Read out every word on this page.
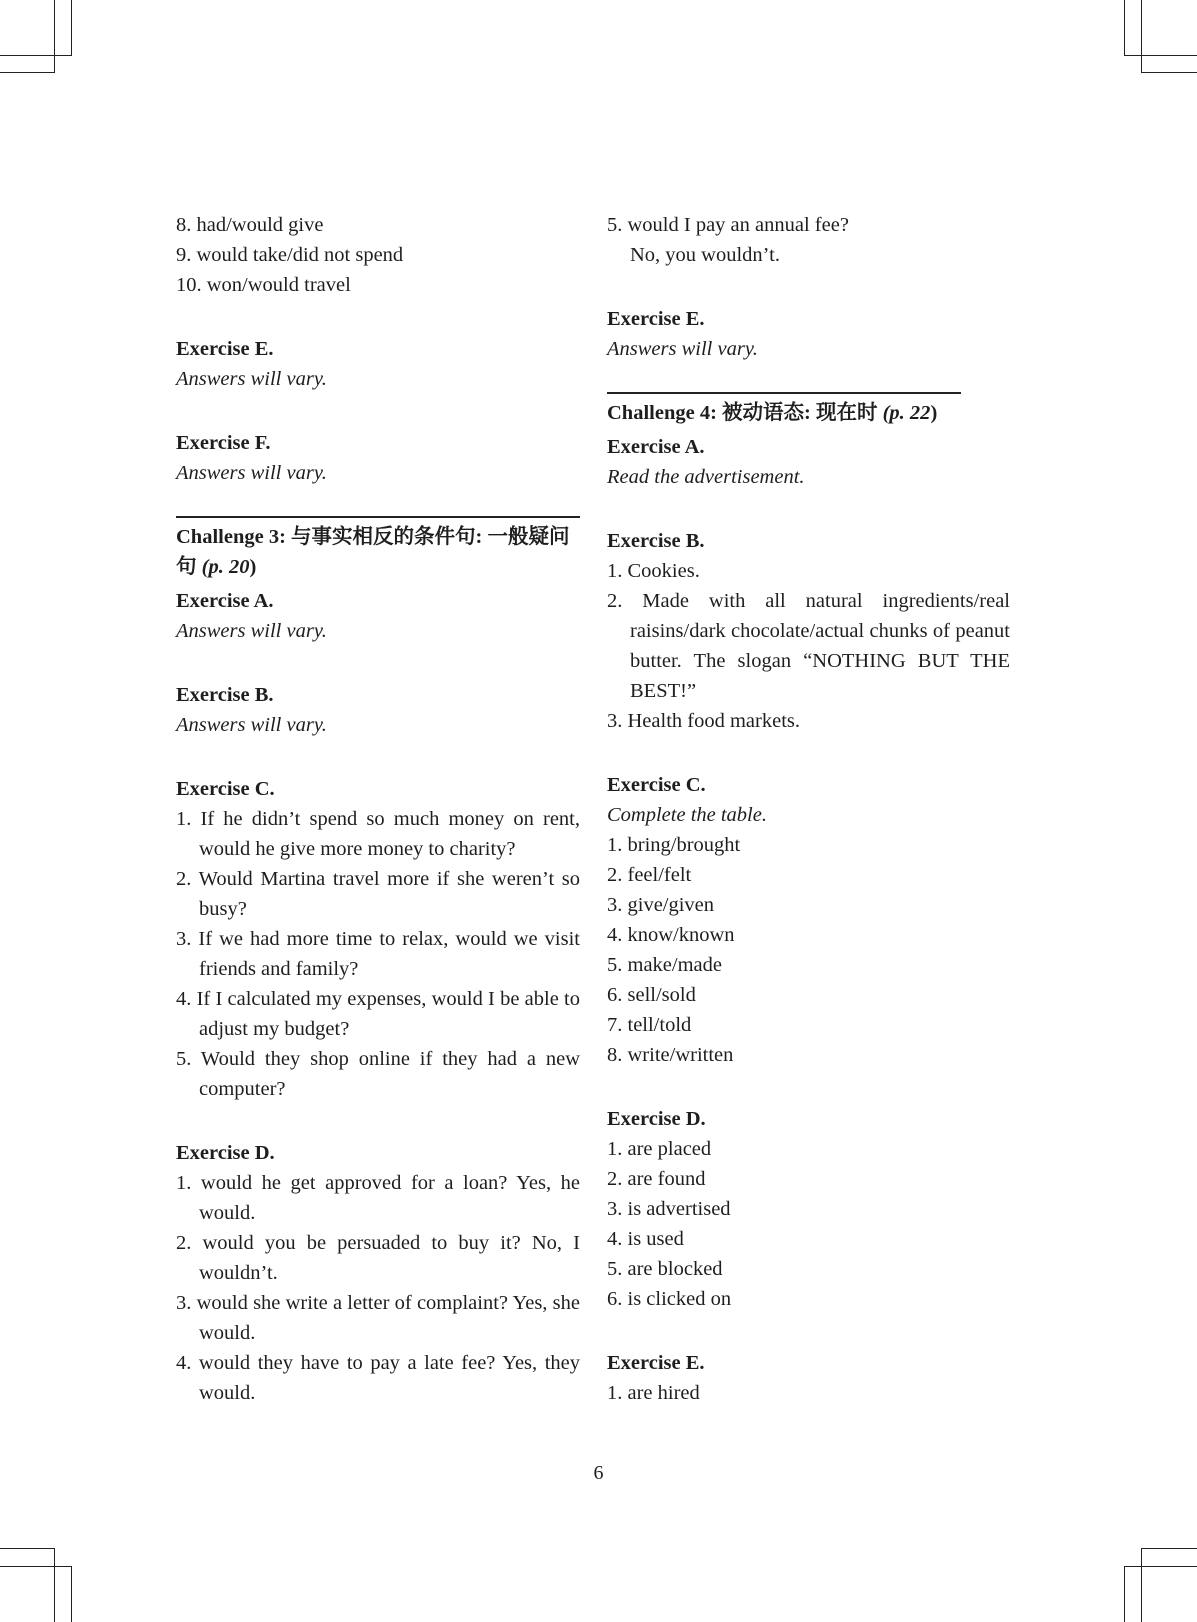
8. had/would give
9. would take/did not spend
10. won/would travel
Exercise E.
Answers will vary.
Exercise F.
Answers will vary.
Challenge 3: 与事实相反的条件句: 一般疑问句 (p. 20)
Exercise A.
Answers will vary.
Exercise B.
Answers will vary.
Exercise C.
1. If he didn’t spend so much money on rent, would he give more money to charity?
2. Would Martina travel more if she weren’t so busy?
3. If we had more time to relax, would we visit friends and family?
4. If I calculated my expenses, would I be able to adjust my budget?
5. Would they shop online if they had a new computer?
Exercise D.
1. would he get approved for a loan? Yes, he would.
2. would you be persuaded to buy it? No, I wouldn’t.
3. would she write a letter of complaint? Yes, she would.
4. would they have to pay a late fee? Yes, they would.
5. would I pay an annual fee?
No, you wouldn’t.
Exercise E.
Answers will vary.
Challenge 4: 被动语态: 现在时 (p. 22)
Exercise A.
Read the advertisement.
Exercise B.
1. Cookies.
2. Made with all natural ingredients/real raisins/dark chocolate/actual chunks of peanut butter. The slogan “NOTHING BUT THE BEST!”
3. Health food markets.
Exercise C.
Complete the table.
1. bring/brought
2. feel/felt
3. give/given
4. know/known
5. make/made
6. sell/sold
7. tell/told
8. write/written
Exercise D.
1. are placed
2. are found
3. is advertised
4. is used
5. are blocked
6. is clicked on
Exercise E.
1. are hired
6
